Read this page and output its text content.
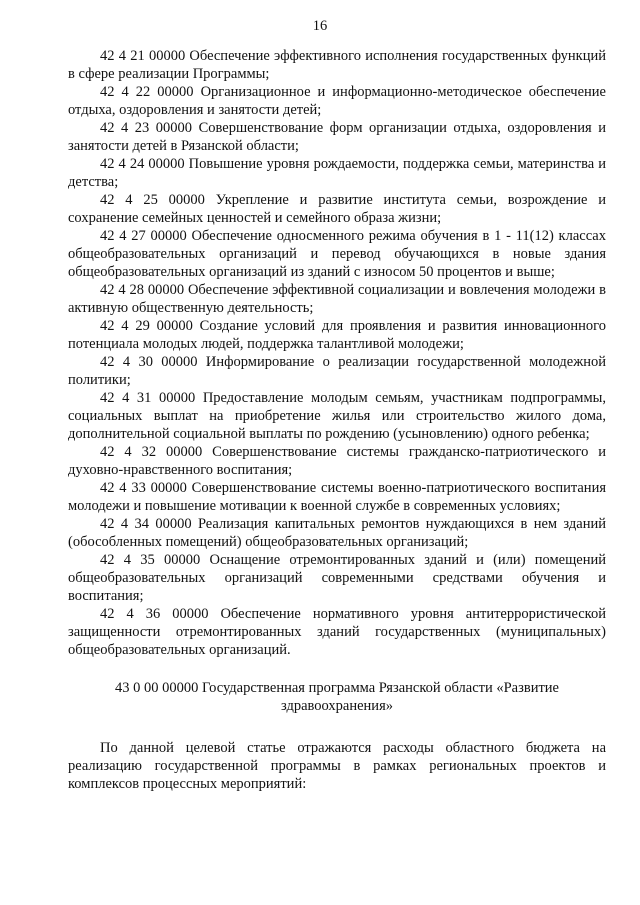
16

42 4 21 00000 Обеспечение эффективного исполнения государственных функций в сфере реализации Программы;

42 4 22 00000 Организационное и информационно-методическое обеспечение отдыха, оздоровления и занятости детей;

42 4 23 00000 Совершенствование форм организации отдыха, оздоровления и занятости детей в Рязанской области;

42 4 24 00000 Повышение уровня рождаемости, поддержка семьи, материнства и детства;

42 4 25 00000 Укрепление и развитие института семьи, возрождение и сохранение семейных ценностей и семейного образа жизни;

42 4 27 00000 Обеспечение односменного режима обучения в 1 - 11(12) классах общеобразовательных организаций и перевод обучающихся в новые здания общеобразовательных организаций из зданий с износом 50 процентов и выше;

42 4 28 00000 Обеспечение эффективной социализации и вовлечения молодежи в активную общественную деятельность;

42 4 29 00000 Создание условий для проявления и развития инновационного потенциала молодых людей, поддержка талантливой молодежи;

42 4 30 00000 Информирование о реализации государственной молодежной политики;

42 4 31 00000 Предоставление молодым семьям, участникам подпрограммы, социальных выплат на приобретение жилья или строительство жилого дома, дополнительной социальной выплаты по рождению (усыновлению) одного ребенка;

42 4 32 00000 Совершенствование системы гражданско-патриотического и духовно-нравственного воспитания;

42 4 33 00000 Совершенствование системы военно-патриотического воспитания молодежи и повышение мотивации к военной службе в современных условиях;

42 4 34 00000 Реализация капитальных ремонтов нуждающихся в нем зданий (обособленных помещений) общеобразовательных организаций;

42 4 35 00000 Оснащение отремонтированных зданий и (или) помещений общеобразовательных организаций современными средствами обучения и воспитания;

42 4 36 00000 Обеспечение нормативного уровня антитеррористической защищенности отремонтированных зданий государственных (муниципальных) общеобразовательных организаций.

43 0 00 00000 Государственная программа Рязанской области «Развитие здравоохранения»

По данной целевой статье отражаются расходы областного бюджета на реализацию государственной программы в рамках региональных проектов и комплексов процессных мероприятий:
